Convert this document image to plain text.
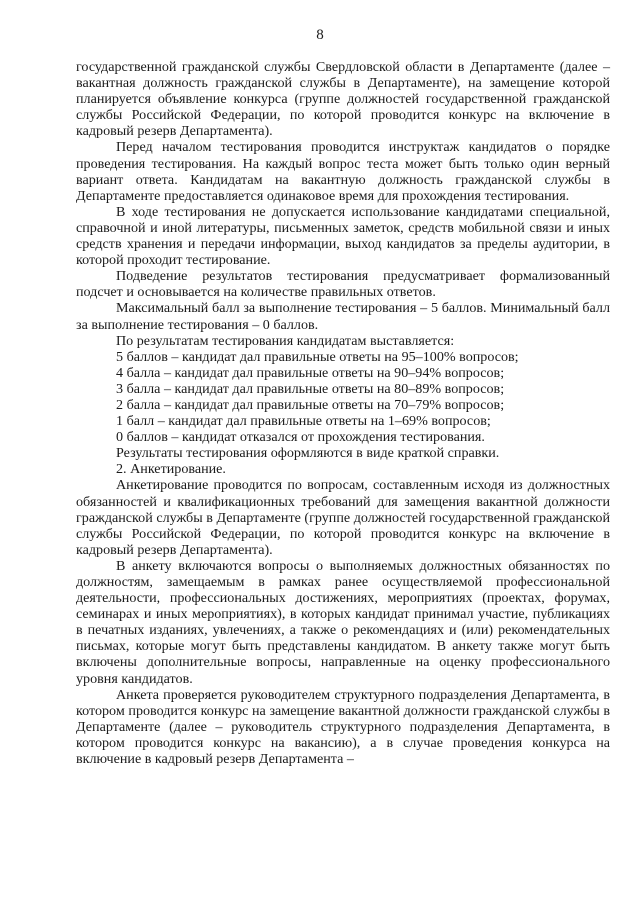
8

государственной гражданской службы Свердловской области в Департаменте (далее – вакантная должность гражданской службы в Департаменте), на замещение которой планируется объявление конкурса (группе должностей государственной гражданской службы Российской Федерации, по которой проводится конкурс на включение в кадровый резерв Департамента).

Перед началом тестирования проводится инструктаж кандидатов о порядке проведения тестирования. На каждый вопрос теста может быть только один верный вариант ответа. Кандидатам на вакантную должность гражданской службы в Департаменте предоставляется одинаковое время для прохождения тестирования.

В ходе тестирования не допускается использование кандидатами специальной, справочной и иной литературы, письменных заметок, средств мобильной связи и иных средств хранения и передачи информации, выход кандидатов за пределы аудитории, в которой проходит тестирование.

Подведение результатов тестирования предусматривает формализованный подсчет и основывается на количестве правильных ответов.

Максимальный балл за выполнение тестирования – 5 баллов. Минимальный балл за выполнение тестирования – 0 баллов.

По результатам тестирования кандидатам выставляется:

5 баллов – кандидат дал правильные ответы на 95–100% вопросов;

4 балла – кандидат дал правильные ответы на 90–94% вопросов;

3 балла – кандидат дал правильные ответы на 80–89% вопросов;

2 балла – кандидат дал правильные ответы на 70–79% вопросов;

1 балл – кандидат дал правильные ответы на 1–69% вопросов;

0 баллов – кандидат отказался от прохождения тестирования.

Результаты тестирования оформляются в виде краткой справки.

2. Анкетирование.

Анкетирование проводится по вопросам, составленным исходя из должностных обязанностей и квалификационных требований для замещения вакантной должности гражданской службы в Департаменте (группе должностей государственной гражданской службы Российской Федерации, по которой проводится конкурс на включение в кадровый резерв Департамента).

В анкету включаются вопросы о выполняемых должностных обязанностях по должностям, замещаемым в рамках ранее осуществляемой профессиональной деятельности, профессиональных достижениях, мероприятиях (проектах, форумах, семинарах и иных мероприятиях), в которых кандидат принимал участие, публикациях в печатных изданиях, увлечениях, а также о рекомендациях и (или) рекомендательных письмах, которые могут быть представлены кандидатом. В анкету также могут быть включены дополнительные вопросы, направленные на оценку профессионального уровня кандидатов.

Анкета проверяется руководителем структурного подразделения Департамента, в котором проводится конкурс на замещение вакантной должности гражданской службы в Департаменте (далее – руководитель структурного подразделения Департамента, в котором проводится конкурс на вакансию), а в случае проведения конкурса на включение в кадровый резерв Департамента –
